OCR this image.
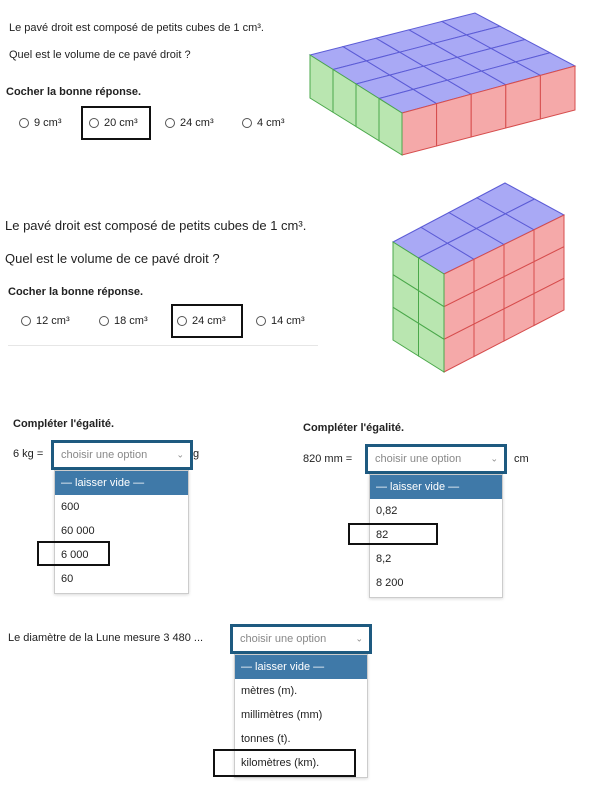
Le pavé droit est composé de petits cubes de 1 cm³.
Quel est le volume de ce pavé droit ?
Cocher la bonne réponse.
9 cm³	20 cm³	24 cm³	4 cm³
Le pavé droit est composé de petits cubes de 1 cm³.
Quel est le volume de ce pavé droit ?
Cocher la bonne réponse.
12 cm³	18 cm³	24 cm³	14 cm³
Compléter l'égalité.
6 kg = choisir une option	⌄ g
— laisser vide —
600
60 000
6 000
60
Compléter l'égalité.
820 mm = choisir une option	⌄ cm
— laisser vide —
0,82
82
8,2
8 200
Le diamètre de la Lune mesure 3 480 ...	choisir une option	⌄
— laisser vide —
mètres (m).
millimètres (mm)
tonnes (t).
kilomètres (km).
